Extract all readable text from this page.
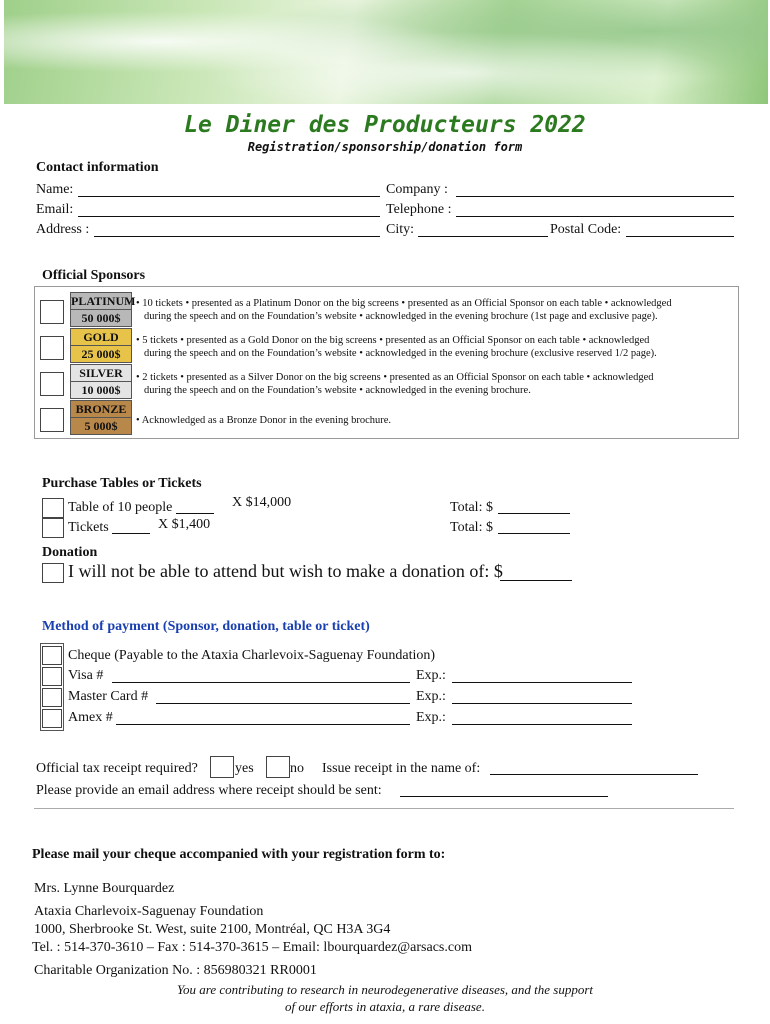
Le Diner des Producteurs 2022
Registration/sponsorship/donation form
Contact information
Name:	Company :
Email:	Telephone :
Address :	City:	Postal Code:
Official Sponsors
PLATINUM
50 000$
• 10 tickets • presented as a Platinum Donor on the big screens • presented as an Official Sponsor on each table • acknowledged
during the speech and on the Foundation’s website • acknowledged in the evening brochure (1st page and exclusive page).
GOLD
25 000$
• 5 tickets • presented as a Gold Donor on the big screens • presented as an Official Sponsor on each table • acknowledged
during the speech and on the Foundation’s website • acknowledged in the evening brochure (exclusive reserved 1/2 page).
SILVER
10 000$
• 2 tickets • presented as a Silver Donor on the big screens • presented as an Official Sponsor on each table • acknowledged
during the speech and on the Foundation’s website • acknowledged in the evening brochure.
BRONZE
5 000$	• Acknowledged as a Bronze Donor in the evening brochure.
Purchase Tables or Tickets
Table of 10 people	X $14,000	Total: $
Tickets	X $1,400	Total: $
Donation
I will not be able to attend but wish to make a donation of: $
Method of payment (Sponsor, donation, table or ticket)
Cheque (Payable to the Ataxia Charlevoix-Saguenay Foundation)
Visa #	Exp.:
Master Card #	Exp.:
Amex #	Exp.:
Official tax receipt required?	yes	no Issue receipt in the name of:
Please provide an email address where receipt should be sent:
Please mail your cheque accompanied with your registration form to:
Mrs. Lynne Bourquardez
Ataxia Charlevoix-Saguenay Foundation
1000, Sherbrooke St. West, suite 2100, Montréal, QC H3A 3G4
Tel. : 514-370-3610 – Fax : 514-370-3615 – Email: lbourquardez@arsacs.com
Charitable Organization No. : 856980321 RR0001
You are contributing to research in neurodegenerative diseases, and the support
of our efforts in ataxia, a rare disease.
